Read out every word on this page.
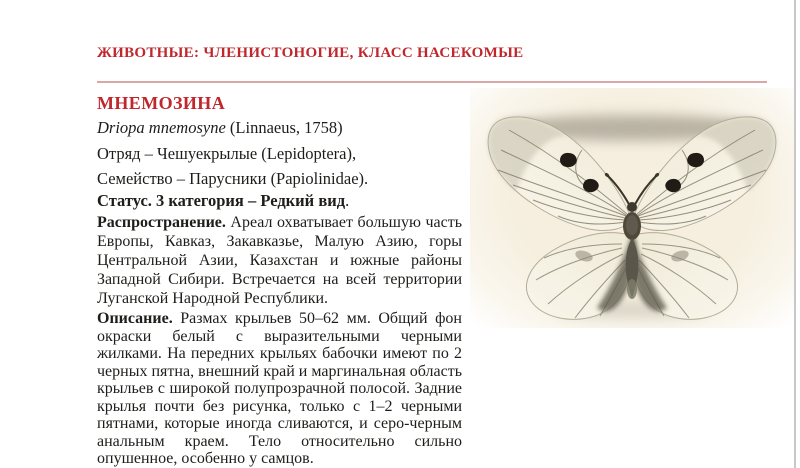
ЖИВОТНЫЕ: ЧЛЕНИСТОНОГИЕ, КЛАСС НАСЕКОМЫЕ
МНЕМОЗИНА
Driopa mnemosyne (Linnaeus, 1758)
Отряд – Чешуекрылые (Lepidoptera),
Семейство – Парусники (Papiolinidae).
Статус. 3 категория – Редкий вид.

Распространение. Ареал охватывает большую часть Европы, Кавказ, Закавказье, Малую Азию, горы Центральной Азии, Казахстан и южные районы Западной Сибири. Встречается на всей территории Луганской Народной Республики.

Описание. Размах крыльев 50–62 мм. Общий фон окраски белый с выразительными черными жилками. На передних крыльях бабочки имеют по 2 черных пятна, внешний край и маргинальная область крыльев с широкой полупрозрачной полосой. Задние крылья почти без рисунка, только с 1–2 черными пятнами, которые иногда сливаются, и серо-черным анальным краем. Тело относительно сильно опушенное, особенно у самцов.
